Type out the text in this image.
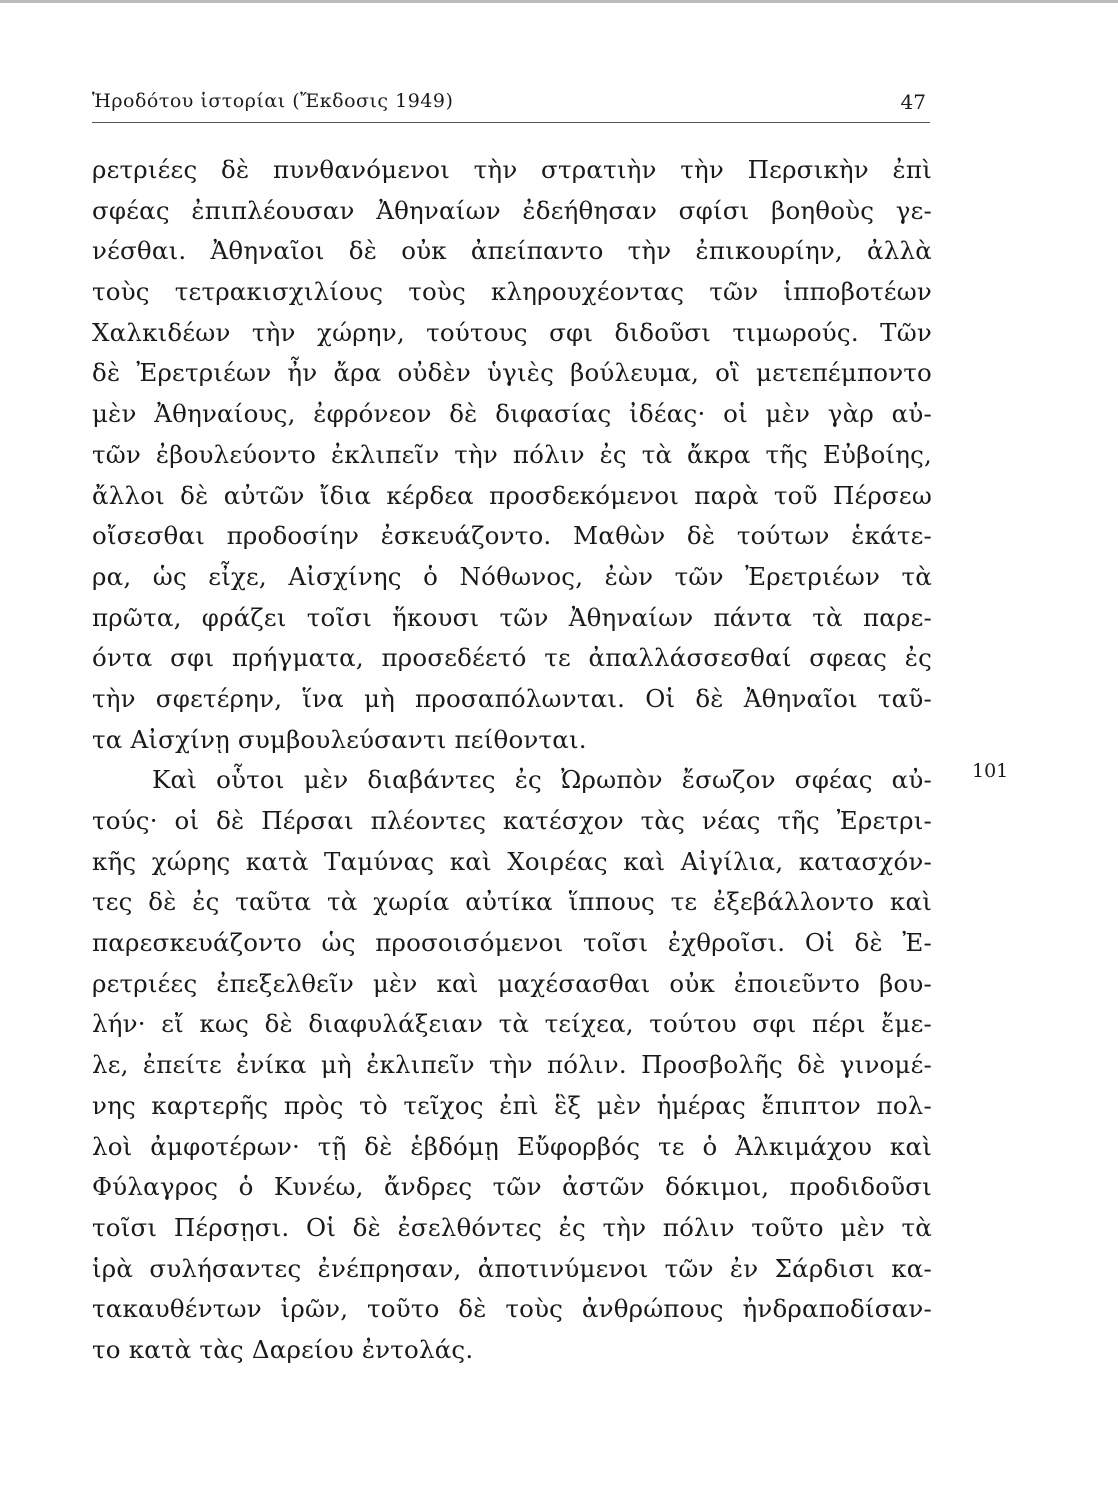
Ἡροδότου ἱστορίαι (Ἔκδοσις 1949)	47
ρετριέες δὲ πυνθανόμενοι τὴν στρατιὴν τὴν Περσικὴν ἐπὶ
σφέας ἐπιπλέουσαν Ἀθηναίων ἐδεήθησαν σφίσι βοηθοὺς γε-
νέσθαι. Ἀθηναῖοι δὲ οὐκ ἀπείπαντο τὴν ἐπικουρίην, ἀλλὰ
τοὺς τετρακισχιλίους τοὺς κληρουχέοντας τῶν ἱπποβοτέων
Χαλκιδέων τὴν χώρην, τούτους σφι διδοῦσι τιμωρούς. Τῶν
δὲ Ἐρετριέων ἦν ἄρα οὐδὲν ὑγιὲς βούλευμα, οἳ μετεπέμποντο
μὲν Ἀθηναίους, ἐφρόνεον δὲ διφασίας ἰδέας· οἱ μὲν γὰρ αὐ-
τῶν ἐβουλεύοντο ἐκλιπεῖν τὴν πόλιν ἐς τὰ ἄκρα τῆς Εὐβοίης,
ἄλλοι δὲ αὐτῶν ἴδια κέρδεα προσδεκόμενοι παρὰ τοῦ Πέρσεω
οἴσεσθαι προδοσίην ἐσκευάζοντο. Μαθὼν δὲ τούτων ἑκάτε-
ρα, ὡς εἶχε, Αἰσχίνης ὁ Νόθωνος, ἐὼν τῶν Ἐρετριέων τὰ
πρῶτα, φράζει τοῖσι ἥκουσι τῶν Ἀθηναίων πάντα τὰ παρε-
όντα σφι πρήγματα, προσεδέετό τε ἀπαλλάσσεσθαί σφεας ἐς
τὴν σφετέρην, ἵνα μὴ προσαπόλωνται. Οἱ δὲ Ἀθηναῖοι ταῦ-
τα Αἰσχίνῃ συμβουλεύσαντι πείθονται.
Καὶ οὗτοι μὲν διαβάντες ἐς Ὠρωπὸν ἔσωζον σφέας αὐ-
τούς· οἱ δὲ Πέρσαι πλέοντες κατέσχον τὰς νέας τῆς Ἐρετρι-
κῆς χώρης κατὰ Ταμύνας καὶ Χοιρέας καὶ Αἰγίλια, κατασχόν-
τες δὲ ἐς ταῦτα τὰ χωρία αὐτίκα ἵππους τε ἐξεβάλλοντο καὶ
παρεσκευάζοντο ὡς προσοισόμενοι τοῖσι ἐχθροῖσι. Οἱ δὲ Ἐ-
ρετριέες ἐπεξελθεῖν μὲν καὶ μαχέσασθαι οὐκ ἐποιεῦντο βου-
λήν· εἴ κως δὲ διαφυλάξειαν τὰ τείχεα, τούτου σφι πέρι ἔμε-
λε, ἐπείτε ἐνίκα μὴ ἐκλιπεῖν τὴν πόλιν. Προσβολῆς δὲ γινομέ-
νης καρτερῆς πρὸς τὸ τεῖχος ἐπὶ ἓξ μὲν ἡμέρας ἔπιπτον πολ-
λοὶ ἀμφοτέρων· τῇ δὲ ἑβδόμῃ Εὔφορβός τε ὁ Ἀλκιμάχου καὶ
Φύλαγρος ὁ Κυνέω, ἄνδρες τῶν ἀστῶν δόκιμοι, προδιδοῦσι
τοῖσι Πέρσῃσι. Οἱ δὲ ἐσελθόντες ἐς τὴν πόλιν τοῦτο μὲν τὰ
ἱρὰ συλήσαντες ἐνέπρησαν, ἀποτινύμενοι τῶν ἐν Σάρδισι κα-
τακαυθέντων ἱρῶν, τοῦτο δὲ τοὺς ἀνθρώπους ἠνδραποδίσαν-
το κατὰ τὰς Δαρείου ἐντολάς.
101
